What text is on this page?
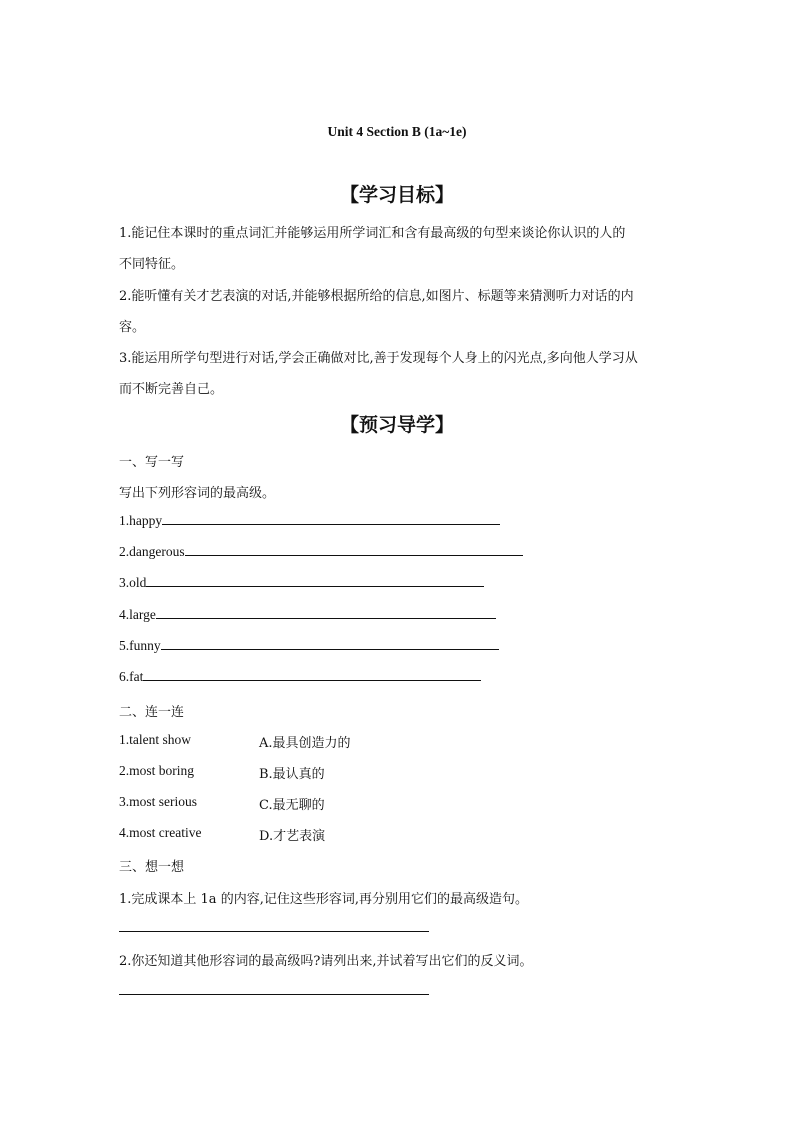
Unit 4 Section B (1a~1e)
【学习目标】
1.能记住本课时的重点词汇并能够运用所学词汇和含有最高级的句型来谈论你认识的人的
不同特征。
2.能听懂有关才艺表演的对话,并能够根据所给的信息,如图片、标题等来猜测听力对话的内
容。
3.能运用所学句型进行对话,学会正确做对比,善于发现每个人身上的闪光点,多向他人学习从
而不断完善自己。
【预习导学】
一、写一写
写出下列形容词的最高级。
1.happy
2.dangerous
3.old
4.large
5.funny
6.fat
二、连一连
1.talent show	A.最具创造力的
2.most boring	B.最认真的
3.most serious	C.最无聊的
4.most creative	D.才艺表演
三、想一想
1.完成课本上 1a 的内容,记住这些形容词,再分别用它们的最高级造句。
2.你还知道其他形容词的最高级吗?请列出来,并试着写出它们的反义词。
